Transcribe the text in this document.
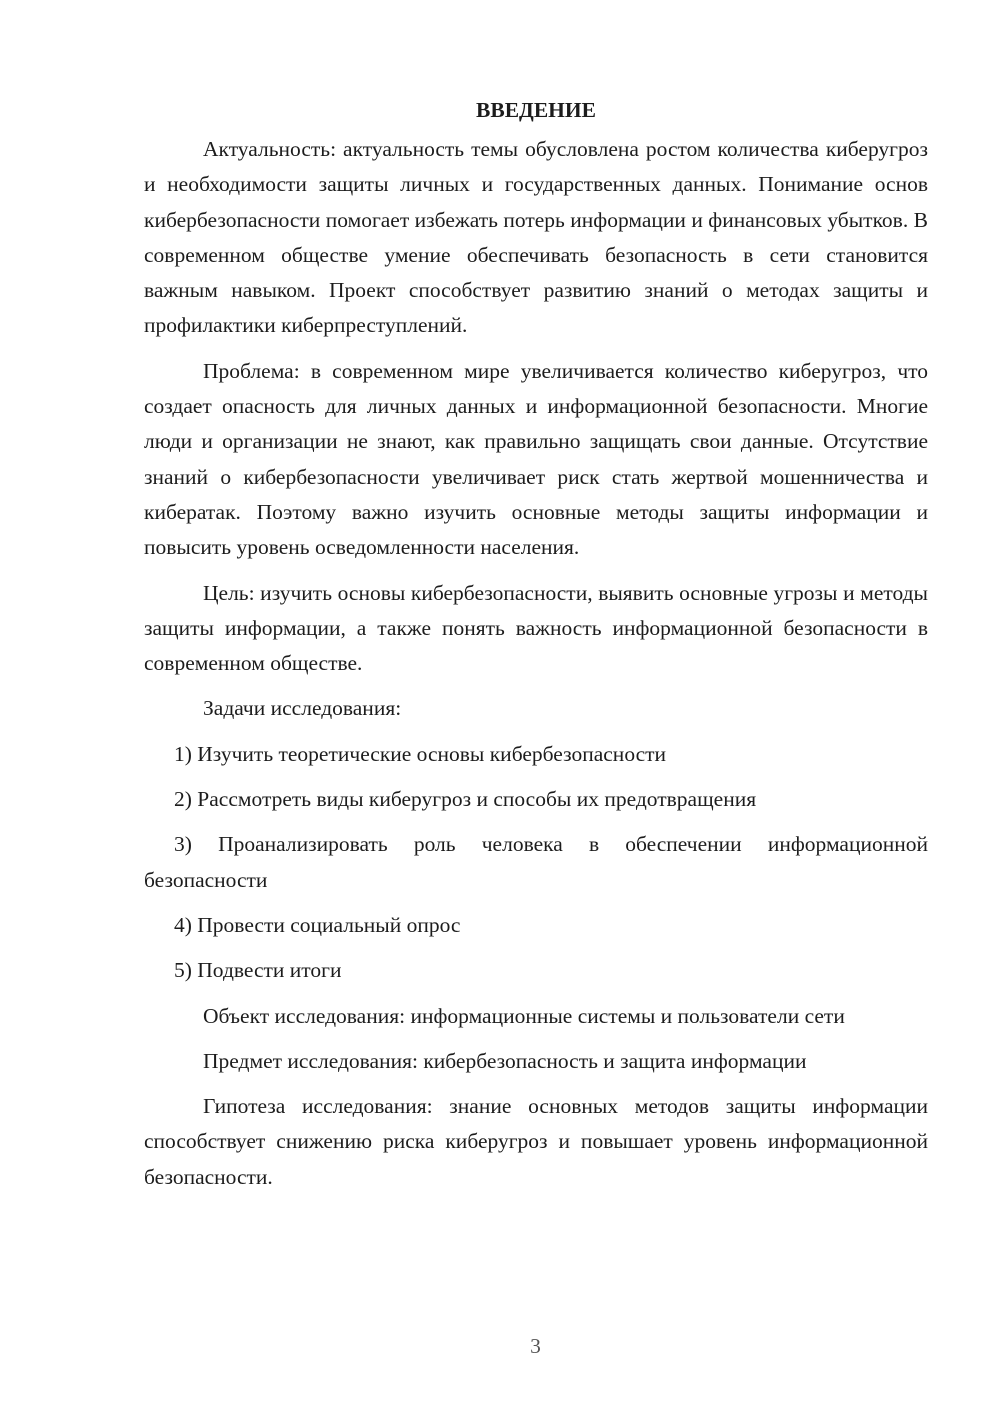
ВВЕДЕНИЕ

Актуальность: актуальность темы обусловлена ростом количества киберугроз и необходимости защиты личных и государственных данных. Понимание основ кибербезопасности помогает избежать потерь информации и финансовых убытков. В современном обществе умение обеспечивать безопасность в сети становится важным навыком. Проект способствует развитию знаний о методах защиты и профилактики киберпреступлений.

Проблема: в современном мире увеличивается количество киберугроз, что создает опасность для личных данных и информационной безопасности. Многие люди и организации не знают, как правильно защищать свои данные. Отсутствие знаний о кибербезопасности увеличивает риск стать жертвой мошенничества и кибератак. Поэтому важно изучить основные методы защиты информации и повысить уровень осведомленности населения.

Цель: изучить основы кибербезопасности, выявить основные угрозы и методы защиты информации, а также понять важность информационной безопасности в современном обществе.

Задачи исследования:

1) Изучить теоретические основы кибербезопасности

2) Рассмотреть виды киберугроз и способы их предотвращения

3) Проанализировать роль человека в обеспечении информационной безопасности

4) Провести социальный опрос

5) Подвести итоги

Объект исследования: информационные системы и пользователи сети

Предмет исследования: кибербезопасность и защита информации

Гипотеза исследования: знание основных методов защиты информации способствует снижению риска киберугроз и повышает уровень информационной безопасности.

3
